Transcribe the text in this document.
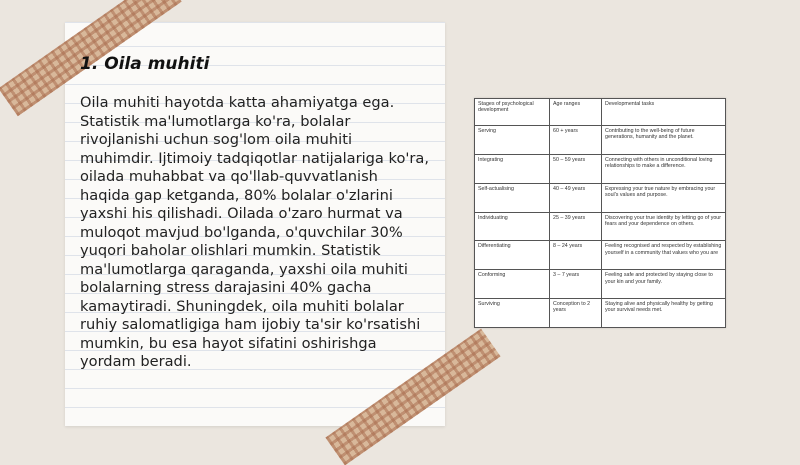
1. Oila muhiti

Oila muhiti hayotda katta ahamiyatga ega. Statistik ma'lumotlarga ko'ra, bolalar rivojlanishi uchun sog'lom oila muhiti muhimdir. Ijtimoiy tadqiqotlar natijalariga ko'ra, oilada muhabbat va qo'llab-quvvatlanish haqida gap ketganda, 80% bolalar o'zlarini yaxshi his qilishadi. Oilada o'zaro hurmat va muloqot mavjud bo'lganda, o'quvchilar 30% yuqori baholar olishlari mumkin. Statistik ma'lumotlarga qaraganda, yaxshi oila muhiti bolalarning stress darajasini 40% gacha kamaytiradi. Shuningdek, oila muhiti bolalar ruhiy salomatligiga ham ijobiy ta'sir ko'rsatishi mumkin, bu esa hayot sifatini oshirishga yordam beradi.

Stages of psychological development	Age ranges	Developmental tasks
Serving	60 + years	Contributing to the well-being of future generations, humanity and the planet.
Integrating	50 – 59 years	Connecting with others in unconditional loving relationships to make a difference.
Self-actualising	40 – 49 years	Expressing your true nature by embracing your soul's values and purpose.
Individuating	25 – 39 years	Discovering your true identity by letting go of your fears and your dependence on others.
Differentiating	8 – 24 years	Feeling recognised and respected by establishing yourself in a community that values who you are
Conforming	3 – 7 years	Feeling safe and protected by staying close to your kin and your family.
Surviving	Conception to 2 years	Staying alive and physically healthy by getting your survival needs met.
